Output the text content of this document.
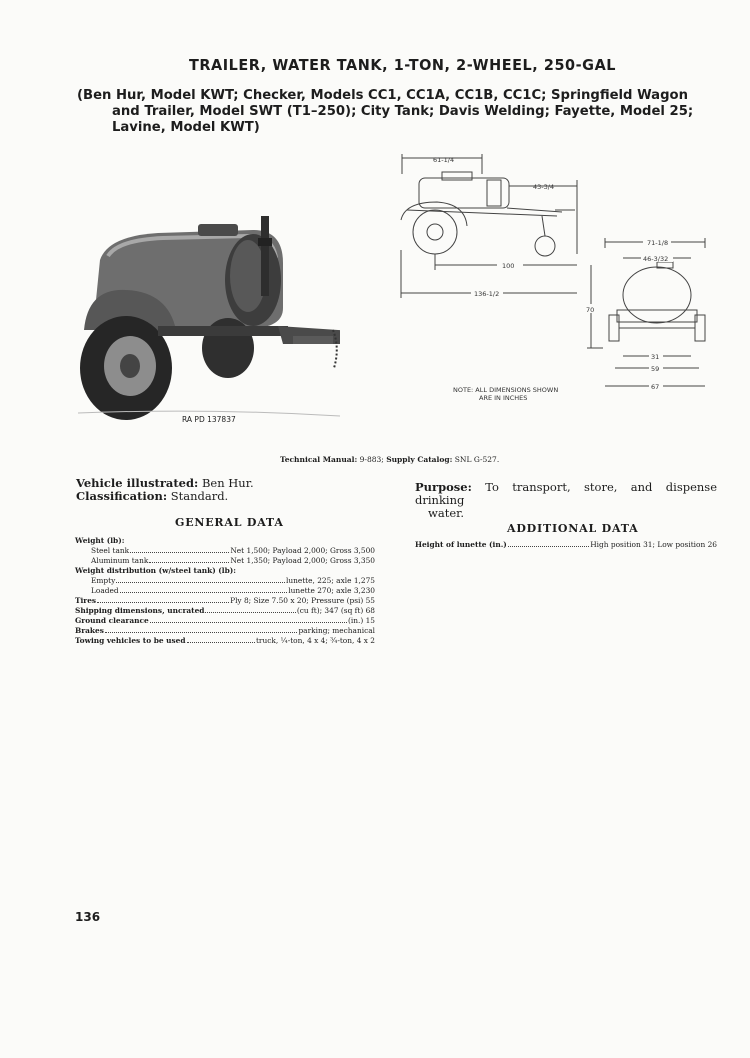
TRAILER, WATER TANK, 1-TON, 2-WHEEL, 250-GAL
(Ben Hur, Model KWT; Checker, Models CC1, CC1A, CC1B, CC1C; Springfield Wagon
and Trailer, Model SWT (T1–250); City Tank; Davis Welding; Fayette, Model 25;
Lavine, Model KWT)
RA PD 137837
61-1/4
43-3/4
100
136-1/2
71-1/8
46-3/32
70
31
59
67
NOTE: ALL DIMENSIONS SHOWN
ARE IN INCHES
Technical Manual: 9-883; Supply Catalog: SNL G-527.
Vehicle illustrated: Ben Hur.
Classification: Standard.
Purpose: To transport, store, and dispense drinking
water.
GENERAL DATA	ADDITIONAL DATA
Weight (lb):
Steel tank	Net 1,500; Payload 2,000; Gross 3,500
Aluminum tank	Net 1,350; Payload 2,000; Gross 3,350
Weight distribution (w/steel tank) (lb):
Empty	lunette, 225; axle 1,275
Loaded	lunette 270; axle 3,230
Tires	Ply 8; Size 7.50 x 20; Pressure (psi) 55
Shipping dimensions, uncrated	(cu ft); 347 (sq ft) 68
Ground clearance	(in.) 15
Brakes	parking; mechanical
Towing vehicles to be used	truck, ¼-ton, 4 x 4; ¾-ton, 4 x 2
Height of lunette (in.)	High position 31; Low position 26
136
